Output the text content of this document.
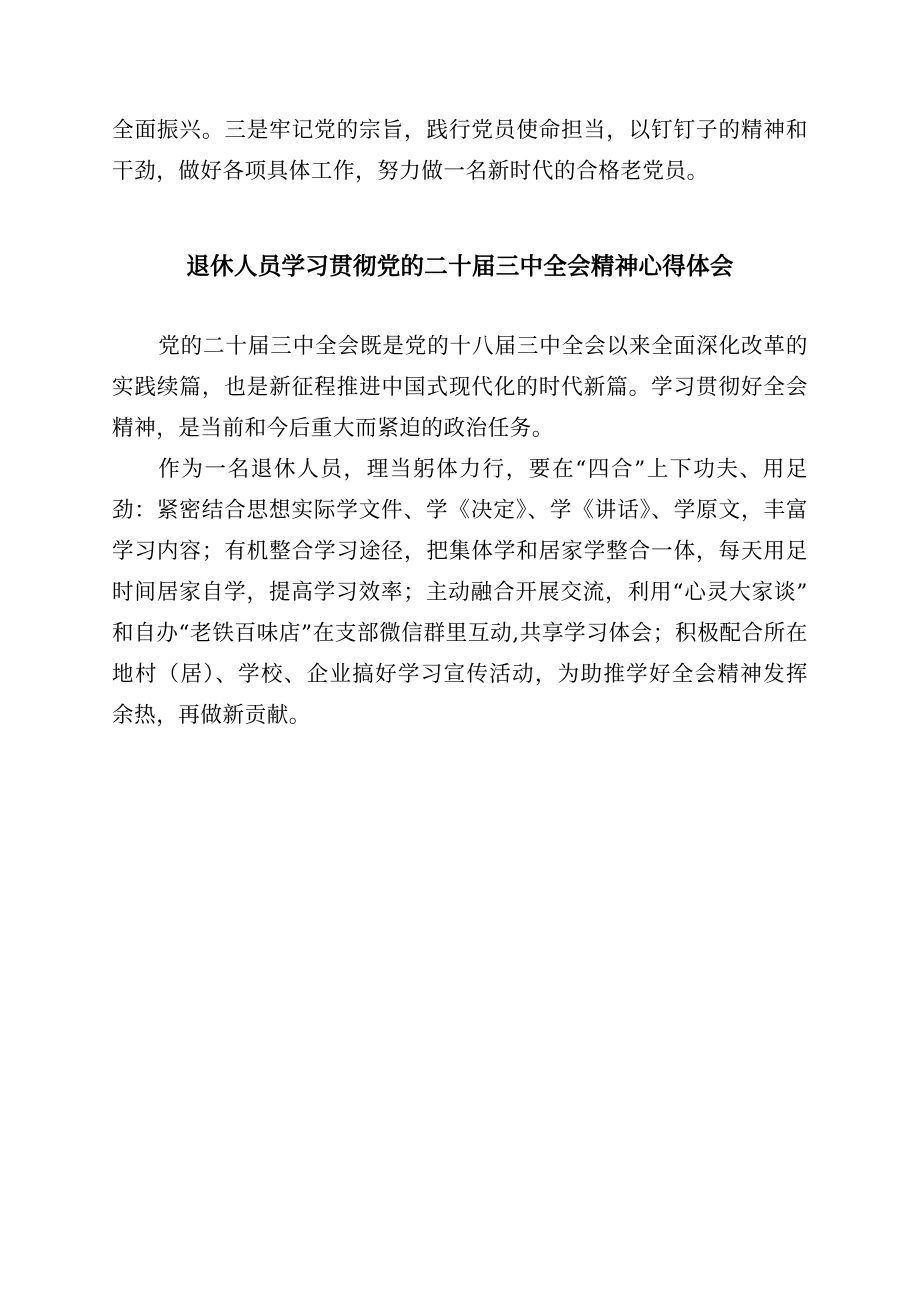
全面振兴。三是牢记党的宗旨，践行党员使命担当，以钉钉子的精神和干劲，做好各项具体工作，努力做一名新时代的合格老党员。

退休人员学习贯彻党的二十届三中全会精神心得体会

党的二十届三中全会既是党的十八届三中全会以来全面深化改革的实践续篇，也是新征程推进中国式现代化的时代新篇。学习贯彻好全会精神，是当前和今后重大而紧迫的政治任务。

作为一名退休人员，理当躬体力行，要在“四合”上下功夫、用足劲：紧密结合思想实际学文件、学《决定》、学《讲话》、学原文，丰富学习内容；有机整合学习途径，把集体学和居家学整合一体，每天用足时间居家自学，提高学习效率；主动融合开展交流，利用“心灵大家谈”和自办“老铁百味店”在支部微信群里互动,共享学习体会；积极配合所在地村（居）、学校、企业搞好学习宣传活动，为助推学好全会精神发挥余热，再做新贡献。
